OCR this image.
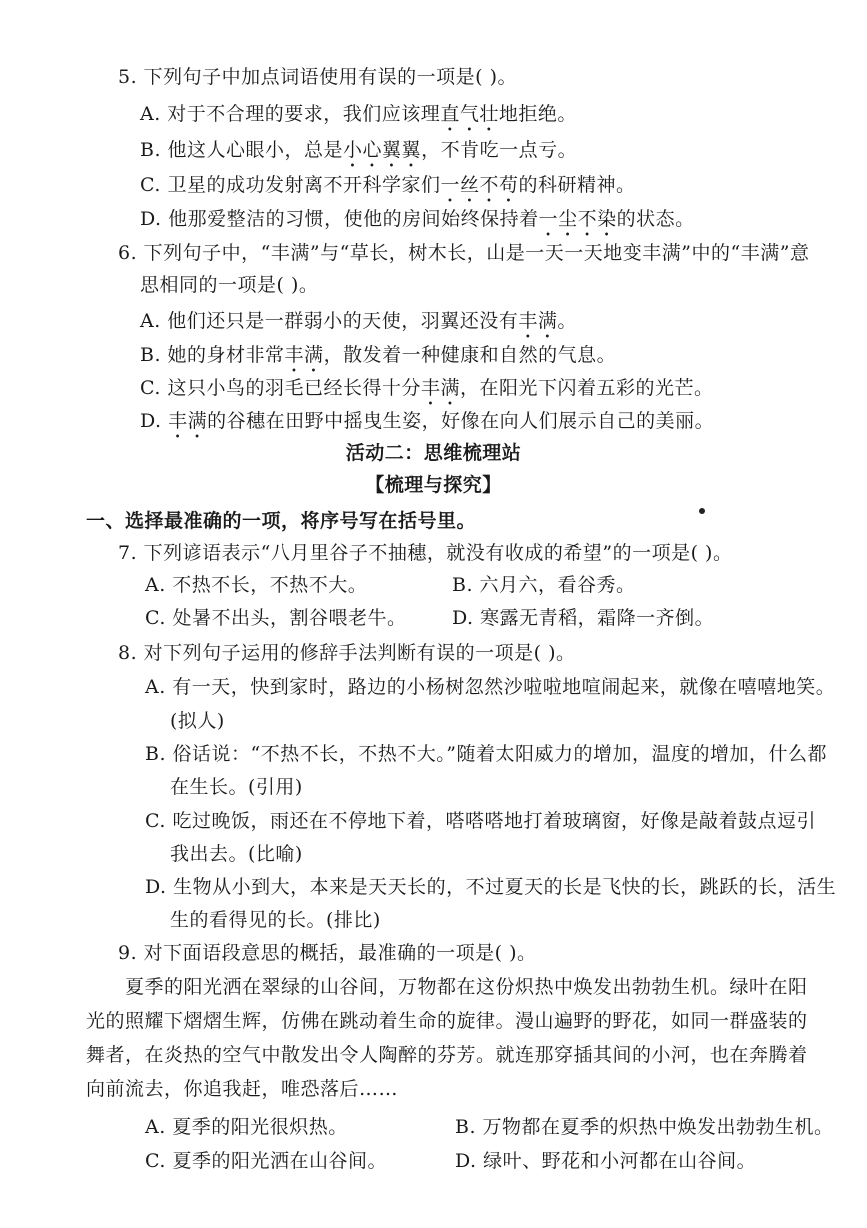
5. 下列句子中加点词语使用有误的一项是( )。
A. 对于不合理的要求，我们应该理直气壮地拒绝。
B. 他这人心眼小，总是小心翼翼，不肯吃一点亏。
C. 卫星的成功发射离不开科学家们一丝不苟的科研精神。
D. 他那爱整洁的习惯，使他的房间始终保持着一尘不染的状态。
6. 下列句子中，“丰满”与“草长，树木长，山是一天一天地变丰满”中的“丰满”意
思相同的一项是( )。
A. 他们还只是一群弱小的天使，羽翼还没有丰满。
B. 她的身材非常丰满，散发着一种健康和自然的气息。
C. 这只小鸟的羽毛已经长得十分丰满，在阳光下闪着五彩的光芒。
D. 丰满的谷穗在田野中摇曳生姿，好像在向人们展示自己的美丽。
活动二：思维梳理站
【梳理与探究】
一、选择最准确的一项，将序号写在括号里。
7. 下列谚语表示“八月里谷子不抽穗，就没有收成的希望”的一项是( )。
A. 不热不长，不热不大。	B. 六月六，看谷秀。
C. 处暑不出头，割谷喂老牛。 D. 寒露无青稻，霜降一齐倒。
8. 对下列句子运用的修辞手法判断有误的一项是( )。
A. 有一天，快到家时，路边的小杨树忽然沙啦啦地喧闹起来，就像在嘻嘻地笑。
(拟人)
B. 俗话说：“不热不长，不热不大。”随着太阳威力的增加，温度的增加，什么都
在生长。(引用)
C. 吃过晚饭，雨还在不停地下着，嗒嗒嗒地打着玻璃窗，好像是敲着鼓点逗引
我出去。(比喻)
D. 生物从小到大，本来是天天长的，不过夏天的长是飞快的长，跳跃的长，活生
生的看得见的长。(排比)
9. 对下面语段意思的概括，最准确的一项是( )。
夏季的阳光洒在翠绿的山谷间，万物都在这份炽热中焕发出勃勃生机。绿叶在阳
光的照耀下熠熠生辉，仿佛在跳动着生命的旋律。漫山遍野的野花，如同一群盛装的
舞者，在炎热的空气中散发出令人陶醉的芬芳。就连那穿插其间的小河，也在奔腾着
向前流去，你追我赶，唯恐落后……
A. 夏季的阳光很炽热。	B. 万物都在夏季的炽热中焕发出勃勃生机。
C. 夏季的阳光洒在山谷间。	D. 绿叶、野花和小河都在山谷间。
